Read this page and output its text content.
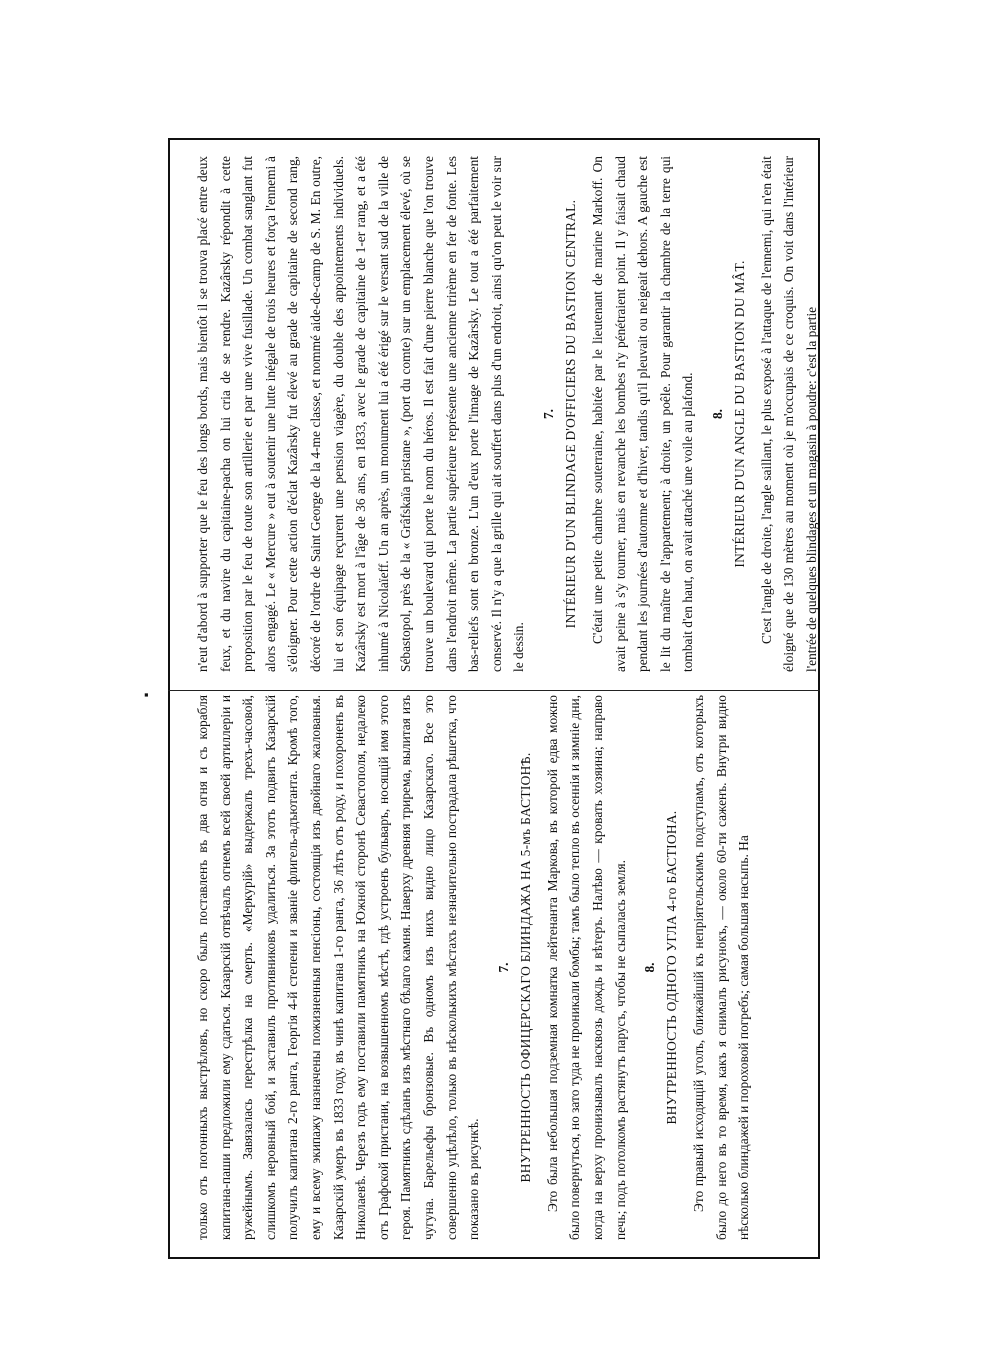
▪

n'eut d'abord à supporter que le feu des longs bords, mais bientôt il se trouva placé entre deux feux, et du navire du capitaine-pacha on lui cria de se rendre. Kazârsky répondit à cette proposition par le feu de toute son artillerie et par une vive fusillade. Un combat sanglant fut alors engagé. Le « Mercure » eut à soutenir une lutte inégale de trois heures et força l'ennemi à s'éloigner. Pour cette action d'éclat Kazârsky fut élevé au grade de capitaine de second rang, décoré de l'ordre de Saint George de la 4-me classe, et nommé aide-de-camp de S. M. En outre, lui et son équipage reçurent une pension viagère, du double des appointements individuels. Kazârsky est mort à l'âge de 36 ans, en 1833, avec le grade de capitaine de 1-er rang, et a été inhumé à Nicolaïeff. Un an après, un monument lui a été érigé sur le versant sud de la ville de Sébastopol, près de la « Grâfskaïa pristane », (port du comte) sur un emplacement élevé, où se trouve un boulevard qui porte le nom du héros. Il est fait d'une pierre blanche que l'on trouve dans l'endroit même. La partie supérieure représente une ancienne trirème en fer de fonte. Les bas-reliefs sont en bronze. L'un d'eux porte l'image de Kazârsky. Le tout a été parfaitement conservé. Il n'y a que la grille qui ait souffert dans plus d'un endroit, ainsi qu'on peut le voir sur le dessin.

7. INTÉRIEUR D'UN BLINDAGE D'OFFICIERS DU BASTION CENTRAL. C'était une petite chambre souterraine, habitée par le lieutenant de marine Markoff. On avait peine à s'y tourner, mais en revanche les bombes n'y pénétraient point. Il y faisait chaud pendant les journées d'automne et d'hiver, tandis qu'il pleuvait ou neigeait dehors. A gauche est le lit du maître de l'appartement; à droite, un poêle. Pour garantir la chambre de la terre qui tombait d'en haut, on avait attaché une voile au plafond.	8. INTÉRIEUR D'UN ANGLE DU BASTION DU MÂT. C'est l'angle de droite, l'angle saillant, le plus exposé à l'attaque de l'ennemi, qui n'en était éloigné que de 130 mètres au moment où je m'occupais de ce croquis. On voit dans l'intérieur l'entrée de quelques blindages et un magasin à poudre: c'est la partie

только отъ погонныхъ выстрѣловъ, но скоро былъ поставленъ въ два огня и съ корабля капитана-паши предложили ему сдаться. Казарскій отвѣчалъ огнемъ всей своей артиллеріи и ружейнымъ. Завязалась перестрѣлка на смерть. «Меркурій» выдержалъ трехъ-часовой, слишкомъ неровный бой, и заставилъ противниковъ удалиться. За этотъ подвигъ Казарскій получилъ капитана 2-го ранга, Георгія 4-й степени и званіе флигель-адъютанта. Кромѣ того, ему и всему экипажу назначены пожизненныя пенсіоны, состоящія изъ двойнаго жалованья. Казарскій умеръ въ 1833 году, въ чинѣ капитана 1-го ранга, 36 лѣтъ отъ роду, и похороненъ въ Николаевѣ. Черезъ годъ ему поставили памятникъ на Южной сторонѣ Севастополя, недалеко отъ Графской пристани, на возвышенномъ мѣстѣ, гдѣ устроенъ бульваръ, носящій имя этого героя. Памятникъ сдѣланъ изъ мѣстнаго бѣлаго камня. Наверху древняя трирема, вылитая изъ чугуна. Барельефы бронзовые. Въ одномъ изъ нихъ видно лицо Казарскаго. Все это совершенно уцѣлѣло, только въ нѣсколькихъ мѣстахъ незначительно пострадала рѣшетка, что показано въ рисункѣ.

7. ВНУТРЕННОСТЬ ОФИЦЕРСКАГО БЛИНДАЖА НА 5-мъ БАСТІОНѢ. Это была небольшая подземная комнатка лейтенанта Маркова, въ которой едва можно было повернуться, но зато туда не проникали бомбы; тамъ было тепло въ осеннія и зимніе дни, когда на верху пронизывалъ насквозь дождь и вѣтеръ. Налѣво — кровать хозяина; направо печь; подъ потолкомъ растянутъ парусъ, чтобы не сыпалась земля.	8. ВНУТРЕННОСТЬ ОДНОГО УГЛА 4-го БАСТІОНА. Это правый исходящій уголъ, ближайшій къ непріятельскимъ подступамъ, отъ которыхъ было до него въ то время, какъ я снималъ рисунокъ, — около 60-ти саженъ. Внутри видно нѣсколько блиндажей и пороховой погребъ; самая большая насыпь. На
